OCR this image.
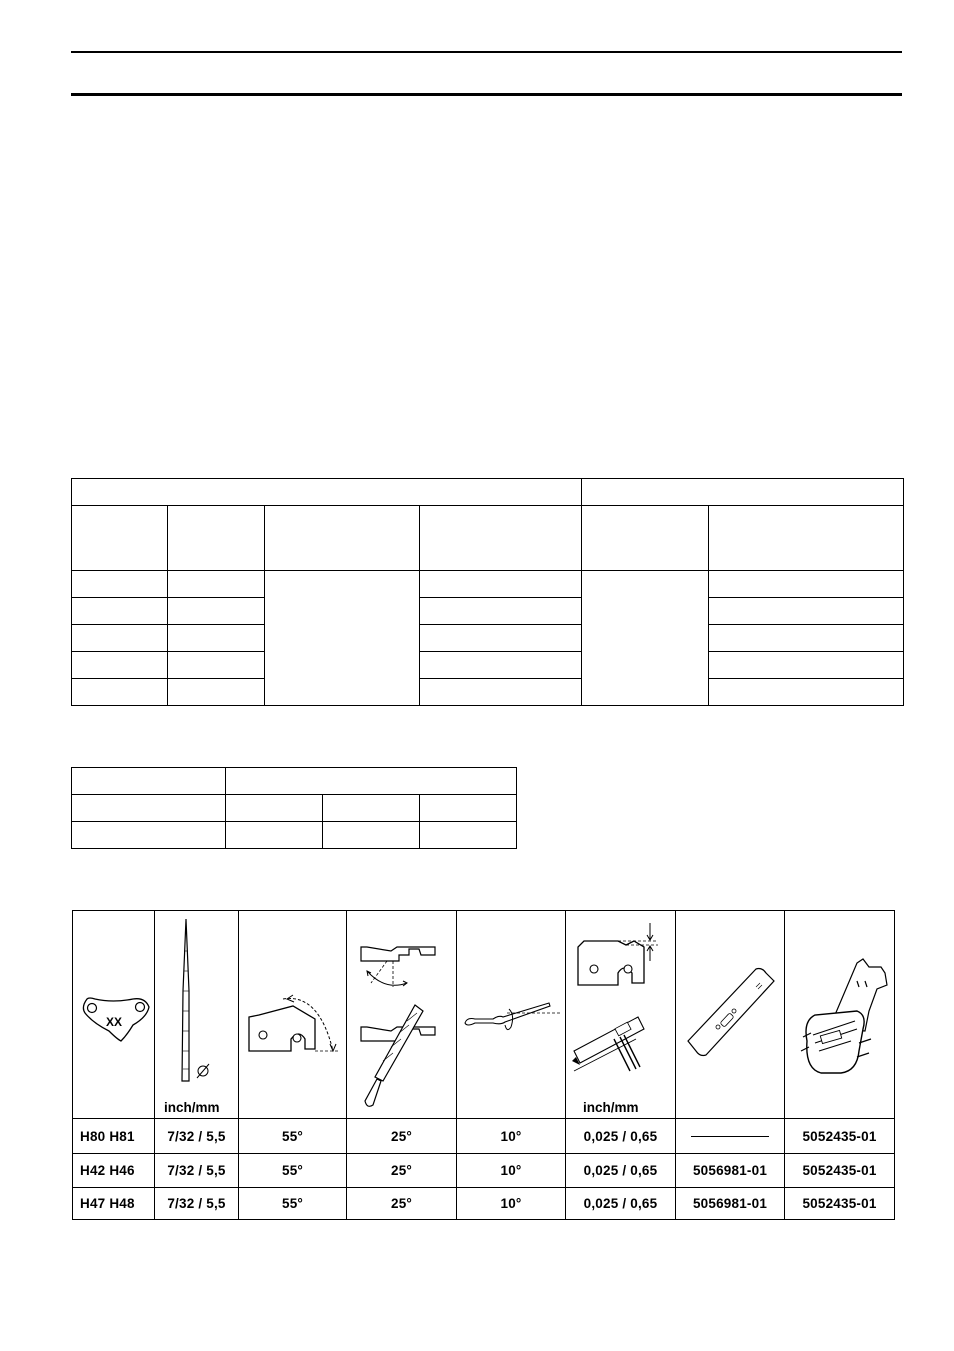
XX	inch/mm				inch/mm

H80 H81	7/32 / 5,5	55°	25°	10°	0,025 / 0,65		5052435-01
H42 H46	7/32 / 5,5	55°	25°	10°	0,025 / 0,65	5056981-01	5052435-01
H47 H48	7/32 / 5,5	55°	25°	10°	0,025 / 0,65	5056981-01	5052435-01
